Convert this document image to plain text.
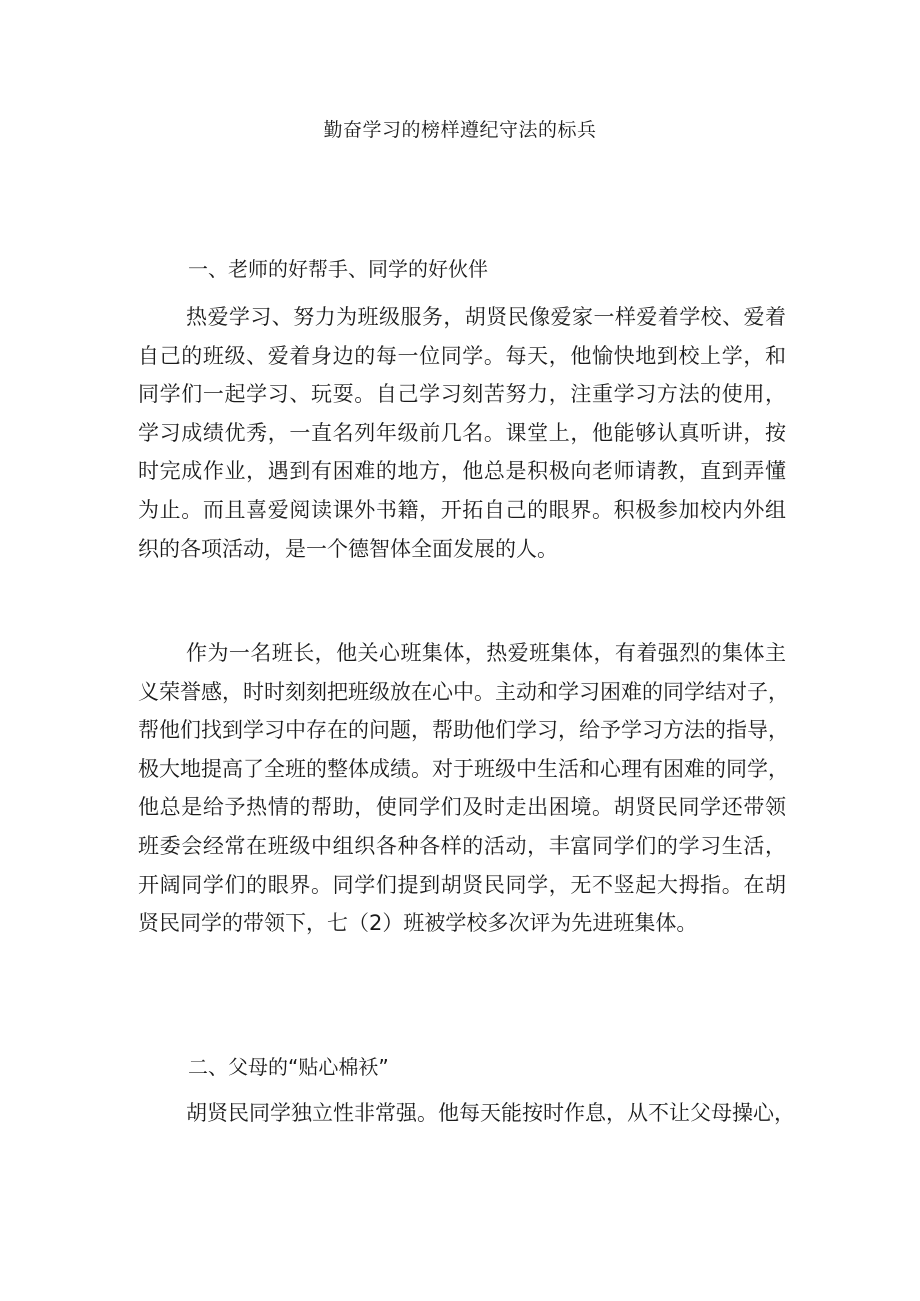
勤奋学习的榜样遵纪守法的标兵
一、老师的好帮手、同学的好伙伴
热爱学习、努力为班级服务，胡贤民像爱家一样爱着学校、爱着
自己的班级、爱着身边的每一位同学。每天，他愉快地到校上学，和
同学们一起学习、玩耍。自己学习刻苦努力，注重学习方法的使用，
学习成绩优秀，一直名列年级前几名。课堂上，他能够认真听讲，按
时完成作业，遇到有困难的地方，他总是积极向老师请教，直到弄懂
为止。而且喜爱阅读课外书籍，开拓自己的眼界。积极参加校内外组
织的各项活动，是一个德智体全面发展的人。
作为一名班长，他关心班集体，热爱班集体，有着强烈的集体主
义荣誉感，时时刻刻把班级放在心中。主动和学习困难的同学结对子，
帮他们找到学习中存在的问题，帮助他们学习，给予学习方法的指导，
极大地提高了全班的整体成绩。对于班级中生活和心理有困难的同学，
他总是给予热情的帮助，使同学们及时走出困境。胡贤民同学还带领
班委会经常在班级中组织各种各样的活动，丰富同学们的学习生活，
开阔同学们的眼界。同学们提到胡贤民同学，无不竖起大拇指。在胡
贤民同学的带领下，七（2）班被学校多次评为先进班集体。
二、父母的“贴心棉袄”
胡贤民同学独立性非常强。他每天能按时作息，从不让父母操心，
